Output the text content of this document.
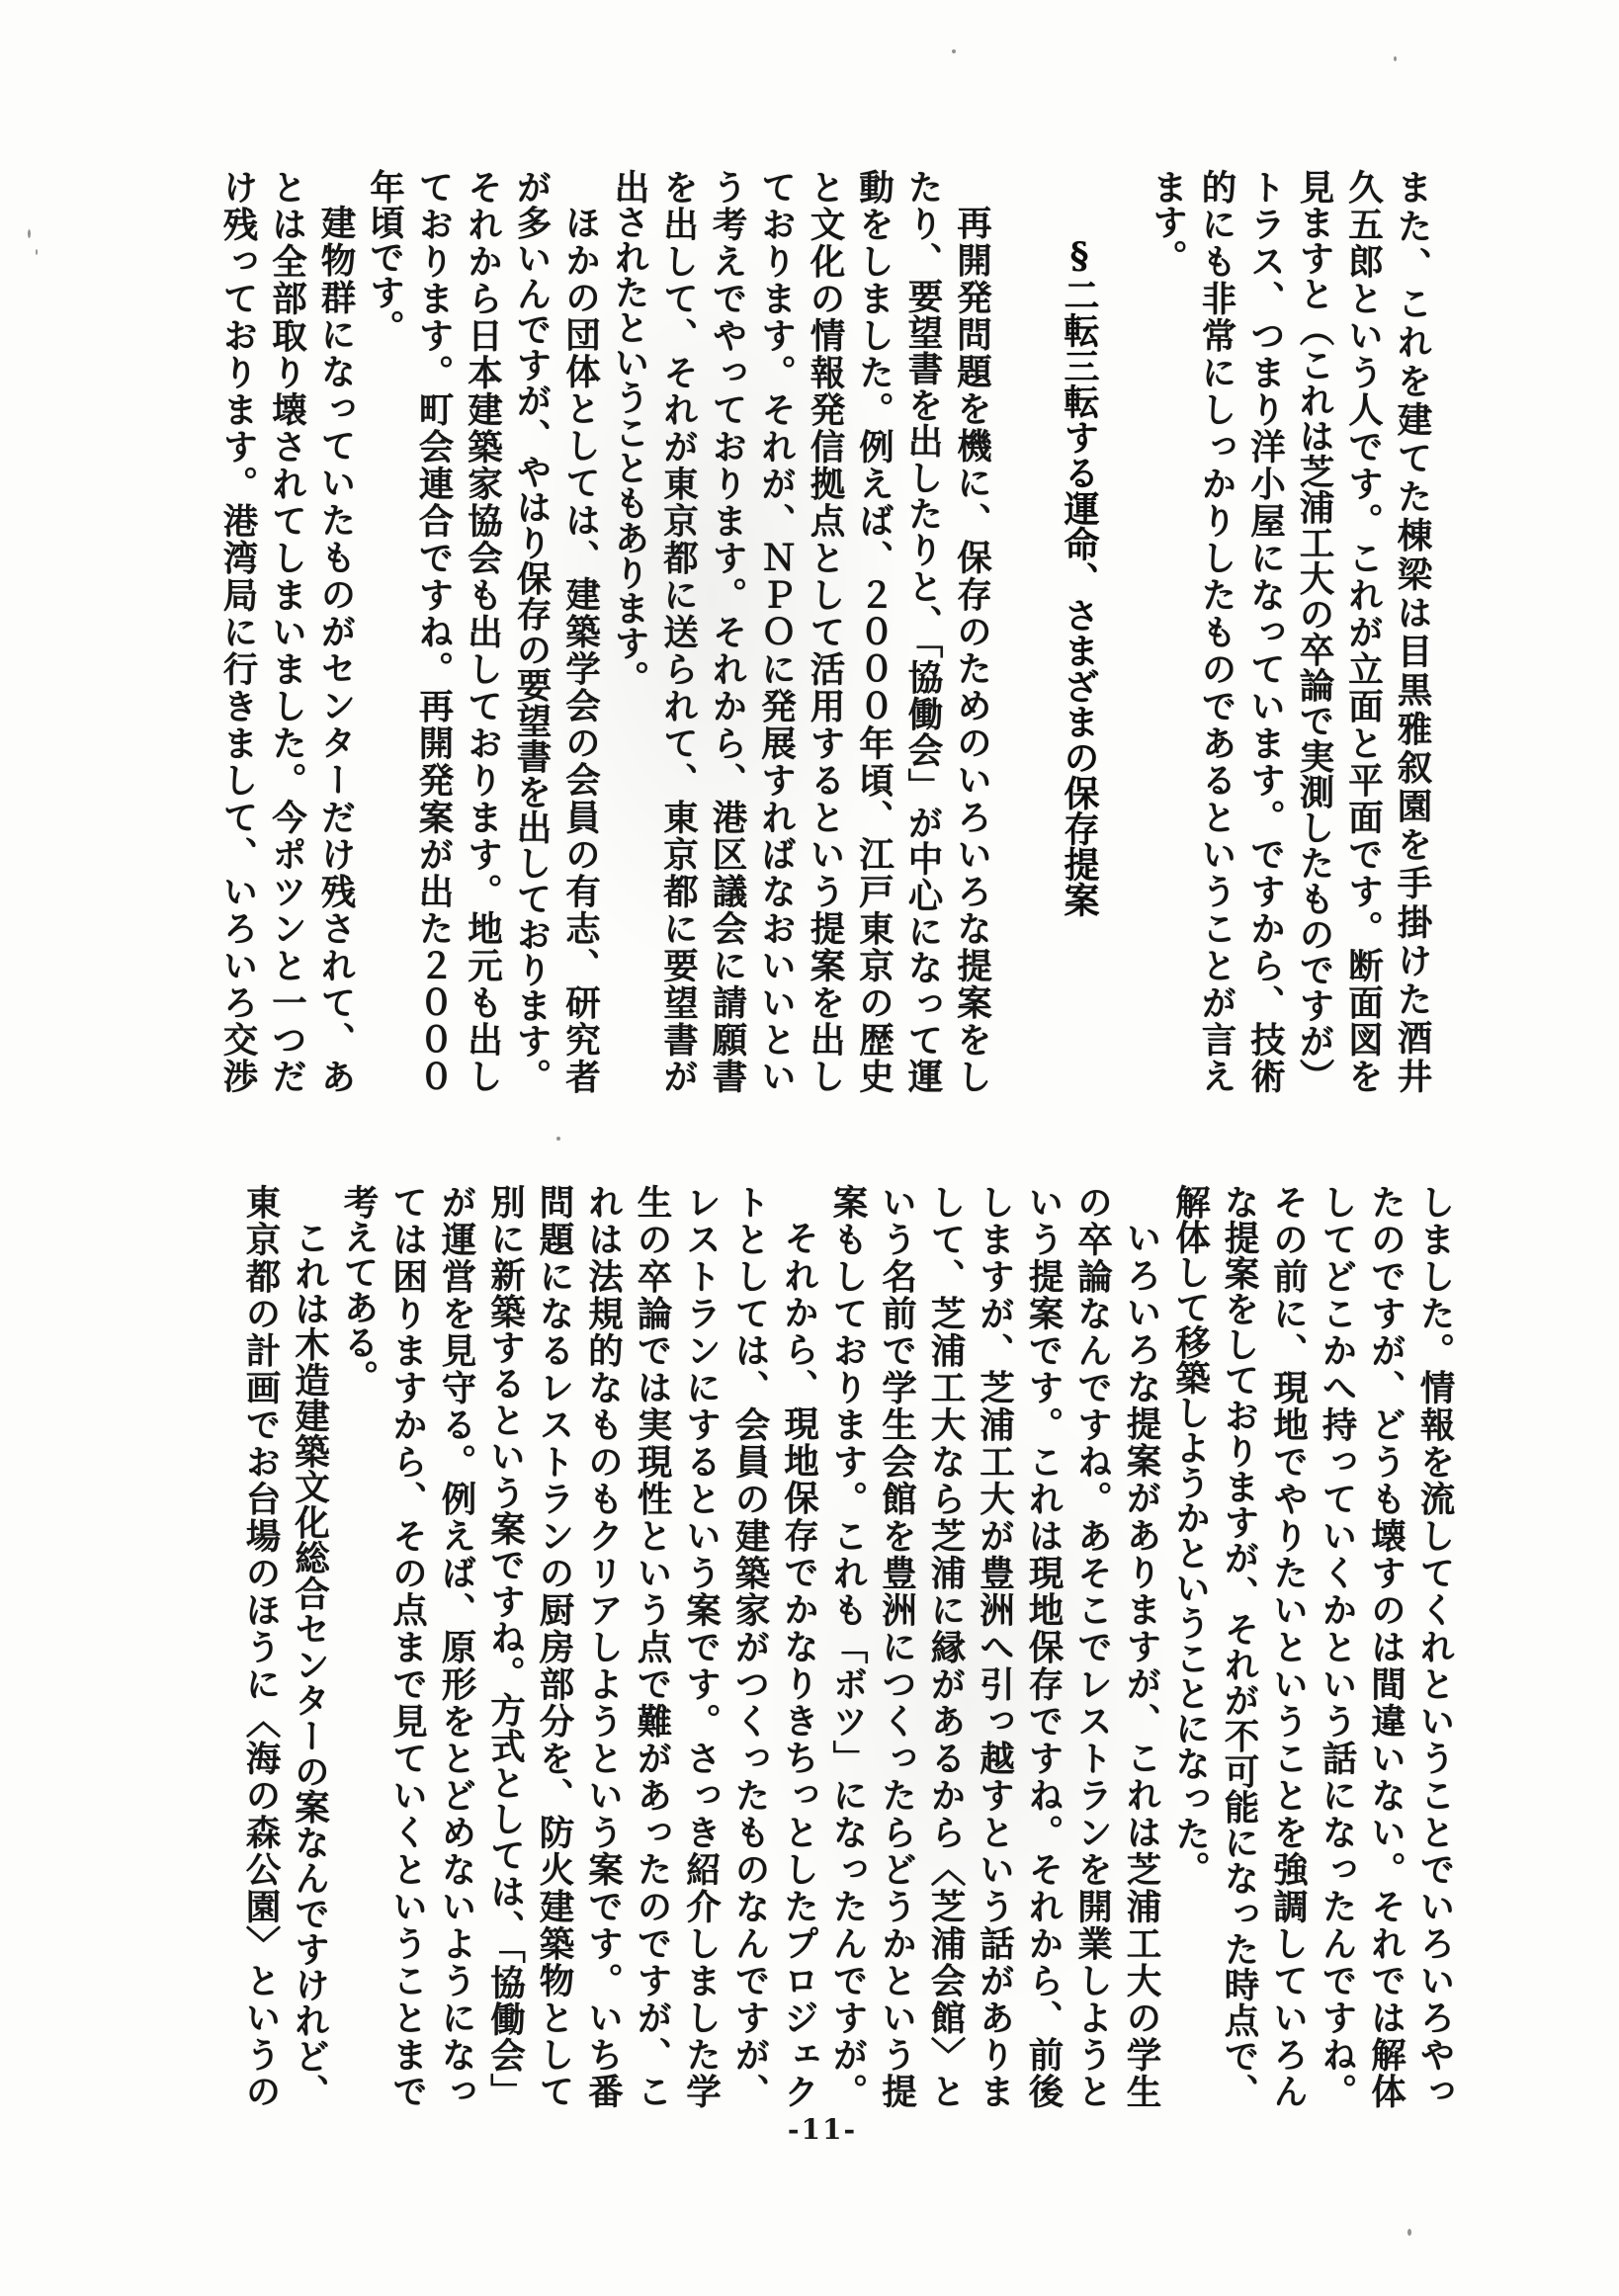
また、これを建てた棟梁は目黒雅叙園を手掛けた酒井
久五郎という人です。これが立面と平面です。断面図を
見ますと（これは芝浦工大の卒論で実測したものですが）
トラス、つまり洋小屋になっています。ですから、技術
的にも非常にしっかりしたものであるということが言え
ます。
§二転三転する運命、さまざまの保存提案
再開発問題を機に、保存のためのいろいろな提案をし
たり、要望書を出したりと、「協働会」が中心になって運
動をしました。例えば、２０００年頃、江戸東京の歴史
と文化の情報発信拠点として活用するという提案を出し
ております。それが、ＮＰＯに発展すればなおいいとい
う考えでやっております。それから、港区議会に請願書
を出して、それが東京都に送られて、東京都に要望書が
出されたということもあります。
ほかの団体としては、建築学会の会員の有志、研究者
が多いんですが、やはり保存の要望書を出しております。
それから日本建築家協会も出しております。地元も出し
ております。町会連合ですね。再開発案が出た２０００
年頃です。
建物群になっていたものがセンターだけ残されて、あ
とは全部取り壊されてしまいました。今ポツンと一つだ
け残っております。港湾局に行きまして、いろいろ交渉
しました。情報を流してくれということでいろいろやっ
たのですが、どうも壊すのは間違いない。それでは解体
してどこかへ持っていくかという話になったんですね。
その前に、現地でやりたいということを強調していろん
な提案をしておりますが、それが不可能になった時点で、
解体して移築しようかということになった。
いろいろな提案がありますが、これは芝浦工大の学生
の卒論なんですね。あそこでレストランを開業しようと
いう提案です。これは現地保存ですね。それから、前後
しますが、芝浦工大が豊洲へ引っ越すという話がありま
して、芝浦工大なら芝浦に縁があるから〈芝浦会館〉と
いう名前で学生会館を豊洲につくったらどうかという提
案もしております。これも「ボツ」になったんですが。
それから、現地保存でかなりきちっとしたプロジェク
トとしては、会員の建築家がつくったものなんですが、
レストランにするという案です。さっき紹介しました学
生の卒論では実現性という点で難があったのですが、こ
れは法規的なものもクリアしようという案です。いち番
問題になるレストランの厨房部分を、防火建築物として
別に新築するという案ですね。方式としては、「協働会」
が運営を見守る。例えば、原形をとどめないようになっ
ては困りますから、その点まで見ていくということまで
考えてある。
これは木造建築文化総合センターの案なんですけれど、
東京都の計画でお台場のほうに〈海の森公園〉というの
-11-
